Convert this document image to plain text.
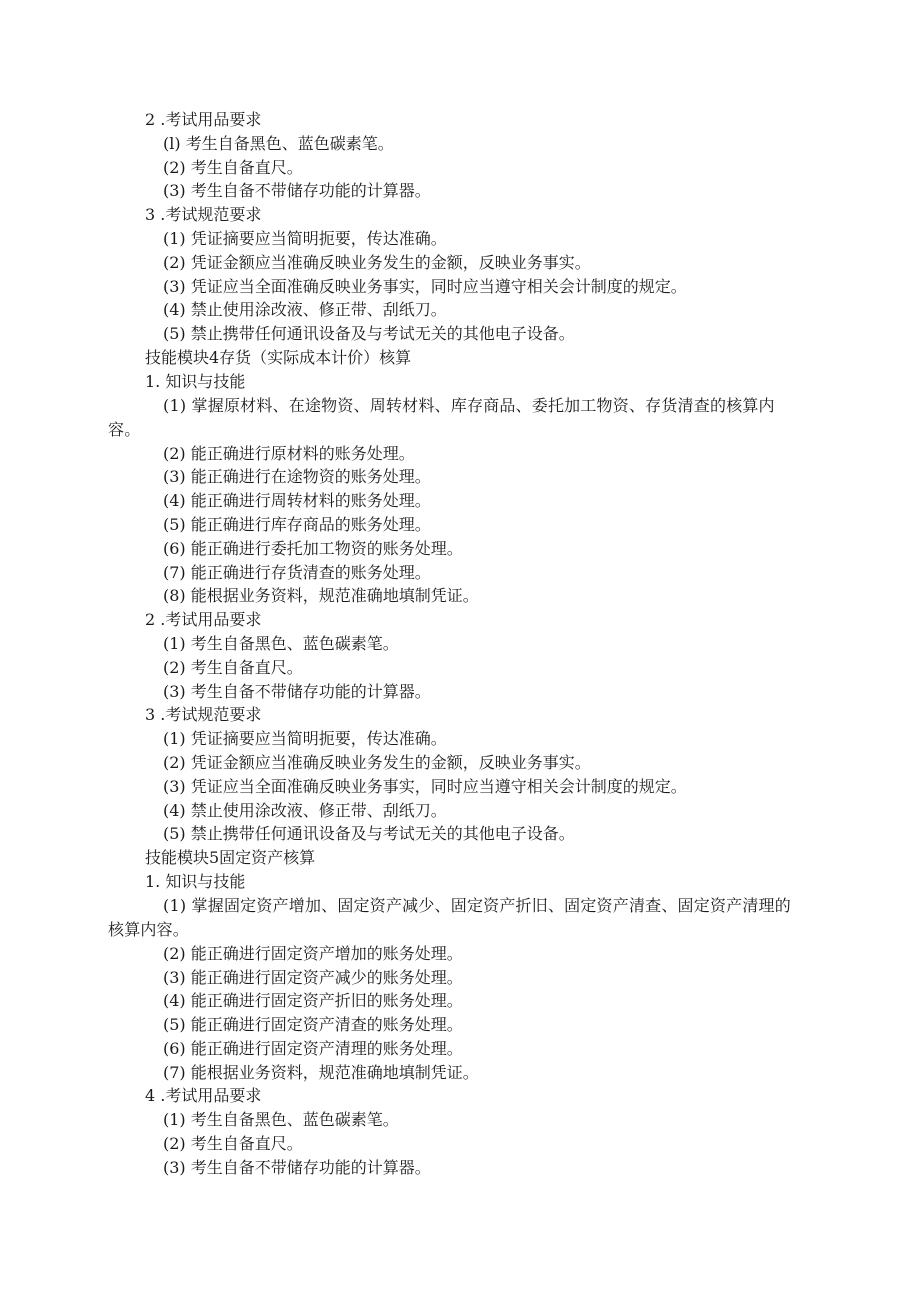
2 .考试用品要求
(l) 考生自备黑色、蓝色碳素笔。
(2) 考生自备直尺。
(3) 考生自备不带储存功能的计算器。
3 .考试规范要求
(1) 凭证摘要应当简明扼要，传达准确。
(2) 凭证金额应当准确反映业务发生的金额，反映业务事实。
(3) 凭证应当全面准确反映业务事实，同时应当遵守相关会计制度的规定。
(4) 禁止使用涂改液、修正带、刮纸刀。
(5) 禁止携带任何通讯设备及与考试无关的其他电子设备。
技能模块4存货（实际成本计价）核算
1. 知识与技能
(1) 掌握原材料、在途物资、周转材料、库存商品、委托加工物资、存货清查的核算内容。
(2) 能正确进行原材料的账务处理。
(3) 能正确进行在途物资的账务处理。
(4) 能正确进行周转材料的账务处理。
(5) 能正确进行库存商品的账务处理。
(6) 能正确进行委托加工物资的账务处理。
(7) 能正确进行存货清查的账务处理。
(8) 能根据业务资料，规范准确地填制凭证。
2 .考试用品要求
(1) 考生自备黑色、蓝色碳素笔。
(2) 考生自备直尺。
(3) 考生自备不带储存功能的计算器。
3 .考试规范要求
(1) 凭证摘要应当简明扼要，传达准确。
(2) 凭证金额应当准确反映业务发生的金额，反映业务事实。
(3) 凭证应当全面准确反映业务事实，同时应当遵守相关会计制度的规定。
(4) 禁止使用涂改液、修正带、刮纸刀。
(5) 禁止携带任何通讯设备及与考试无关的其他电子设备。
技能模块5固定资产核算
1. 知识与技能
(1) 掌握固定资产增加、固定资产减少、固定资产折旧、固定资产清查、固定资产清理的核算内容。
(2) 能正确进行固定资产增加的账务处理。
(3) 能正确进行固定资产减少的账务处理。
(4) 能正确进行固定资产折旧的账务处理。
(5) 能正确进行固定资产清查的账务处理。
(6) 能正确进行固定资产清理的账务处理。
(7) 能根据业务资料，规范准确地填制凭证。
4 .考试用品要求
(1) 考生自备黑色、蓝色碳素笔。
(2) 考生自备直尺。
(3) 考生自备不带储存功能的计算器。
